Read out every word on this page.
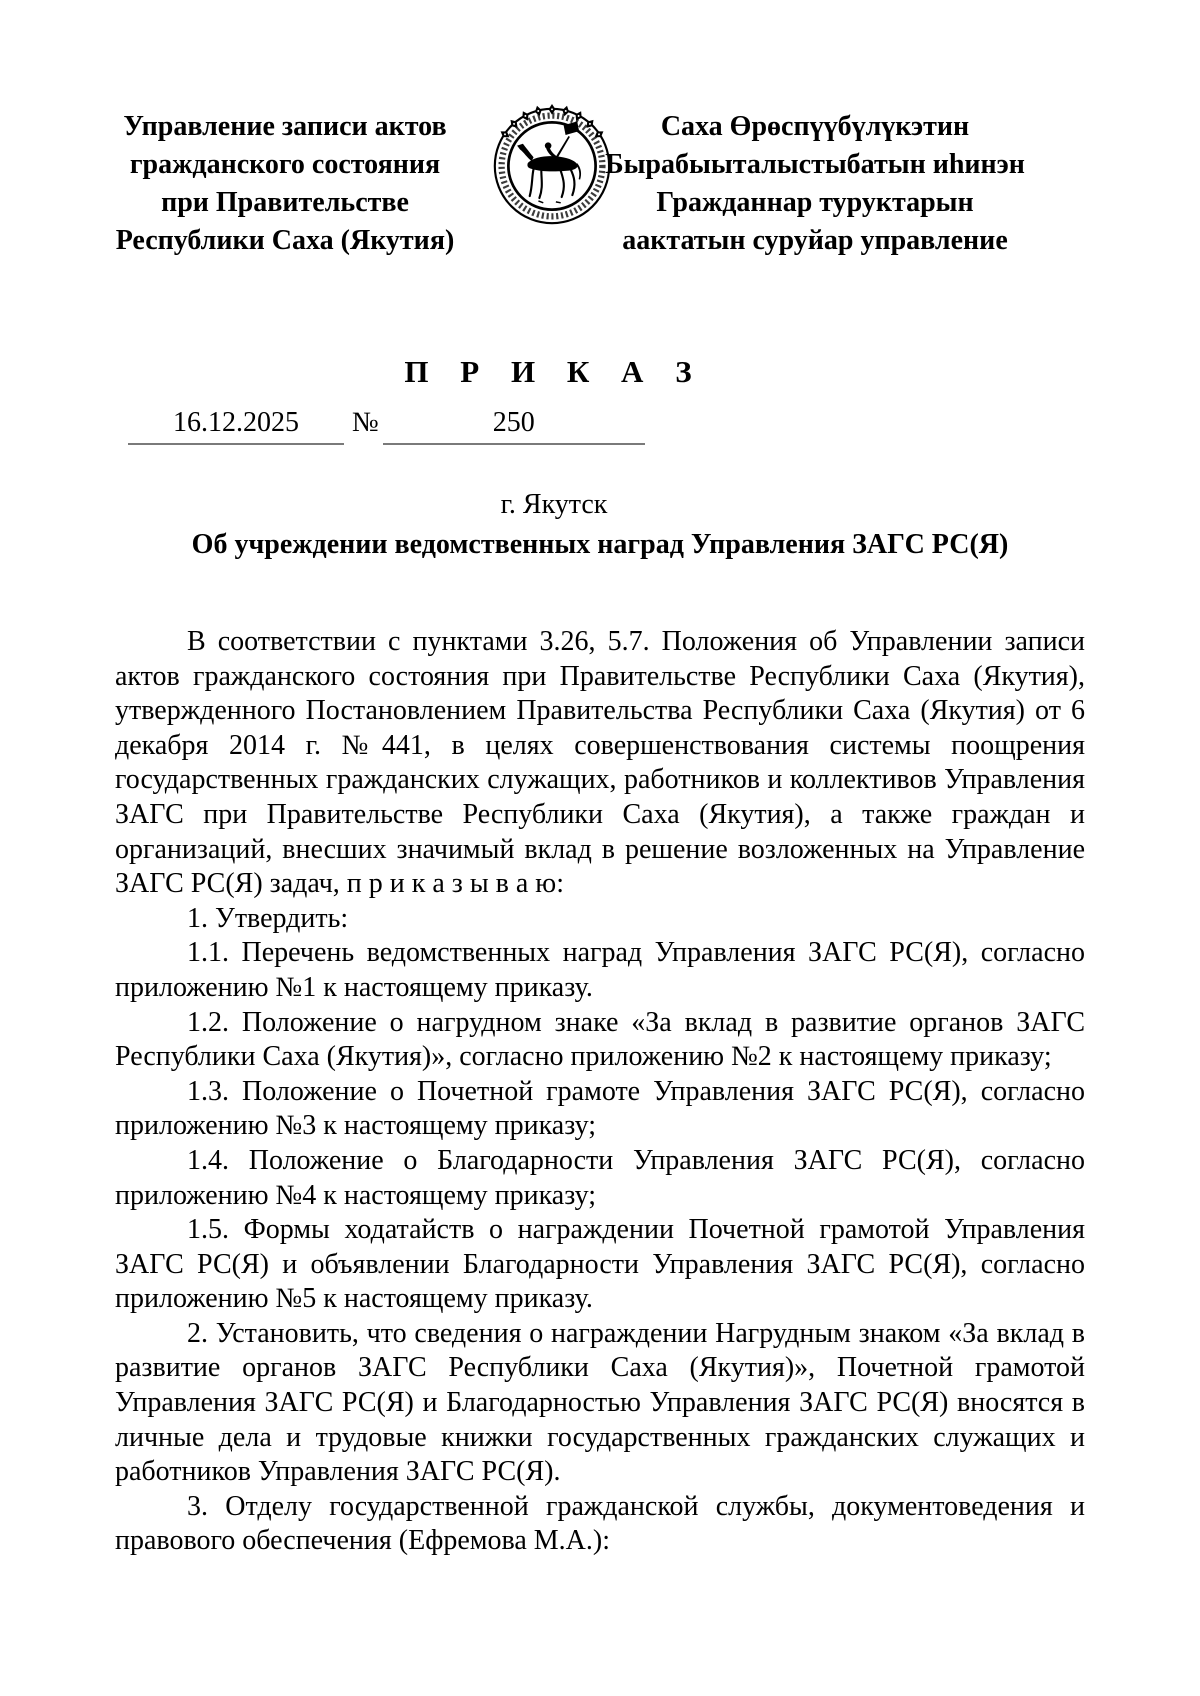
Управление записи актов
гражданского состояния
при Правительстве
Республики Саха (Якутия)
Саха Өрөспүүбүлүкэтин
Бырабыыталыстыбатын иһинэн
Гражданнар туруктарын
аактатын суруйар управление
П Р И К А З
16.12.2025	№	250
г. Якутск
Об учреждении ведомственных наград Управления ЗАГС РС(Я)

В соответствии с пунктами 3.26, 5.7. Положения об Управлении записи актов гражданского состояния при Правительстве Республики Саха (Якутия), утвержденного Постановлением Правительства Республики Саха (Якутия) от 6 декабря 2014 г. №441, в целях совершенствования системы поощрения государственных гражданских служащих, работников и коллективов Управления ЗАГС при Правительстве Республики Саха (Якутия), а также граждан и организаций, внесших значимый вклад в решение возложенных на Управление ЗАГС РС(Я) задач, п р и к а з ы в а ю:

1. Утвердить:

1.1. Перечень ведомственных наград Управления ЗАГС РС(Я), согласно приложению №1 к настоящему приказу.

1.2. Положение о нагрудном знаке «За вклад в развитие органов ЗАГС Республики Саха (Якутия)», согласно приложению №2 к настоящему приказу;

1.3. Положение о Почетной грамоте Управления ЗАГС РС(Я), согласно приложению №3 к настоящему приказу;

1.4. Положение о Благодарности Управления ЗАГС РС(Я), согласно приложению №4 к настоящему приказу;

1.5. Формы ходатайств о награждении Почетной грамотой Управления ЗАГС РС(Я) и объявлении Благодарности Управления ЗАГС РС(Я), согласно приложению №5 к настоящему приказу.

2. Установить, что сведения о награждении Нагрудным знаком «За вклад в развитие органов ЗАГС Республики Саха (Якутия)», Почетной грамотой Управления ЗАГС РС(Я) и Благодарностью Управления ЗАГС РС(Я) вносятся в личные дела и трудовые книжки государственных гражданских служащих и работников Управления ЗАГС РС(Я).

3. Отделу государственной гражданской службы, документоведения и правового обеспечения (Ефремова М.А.):
